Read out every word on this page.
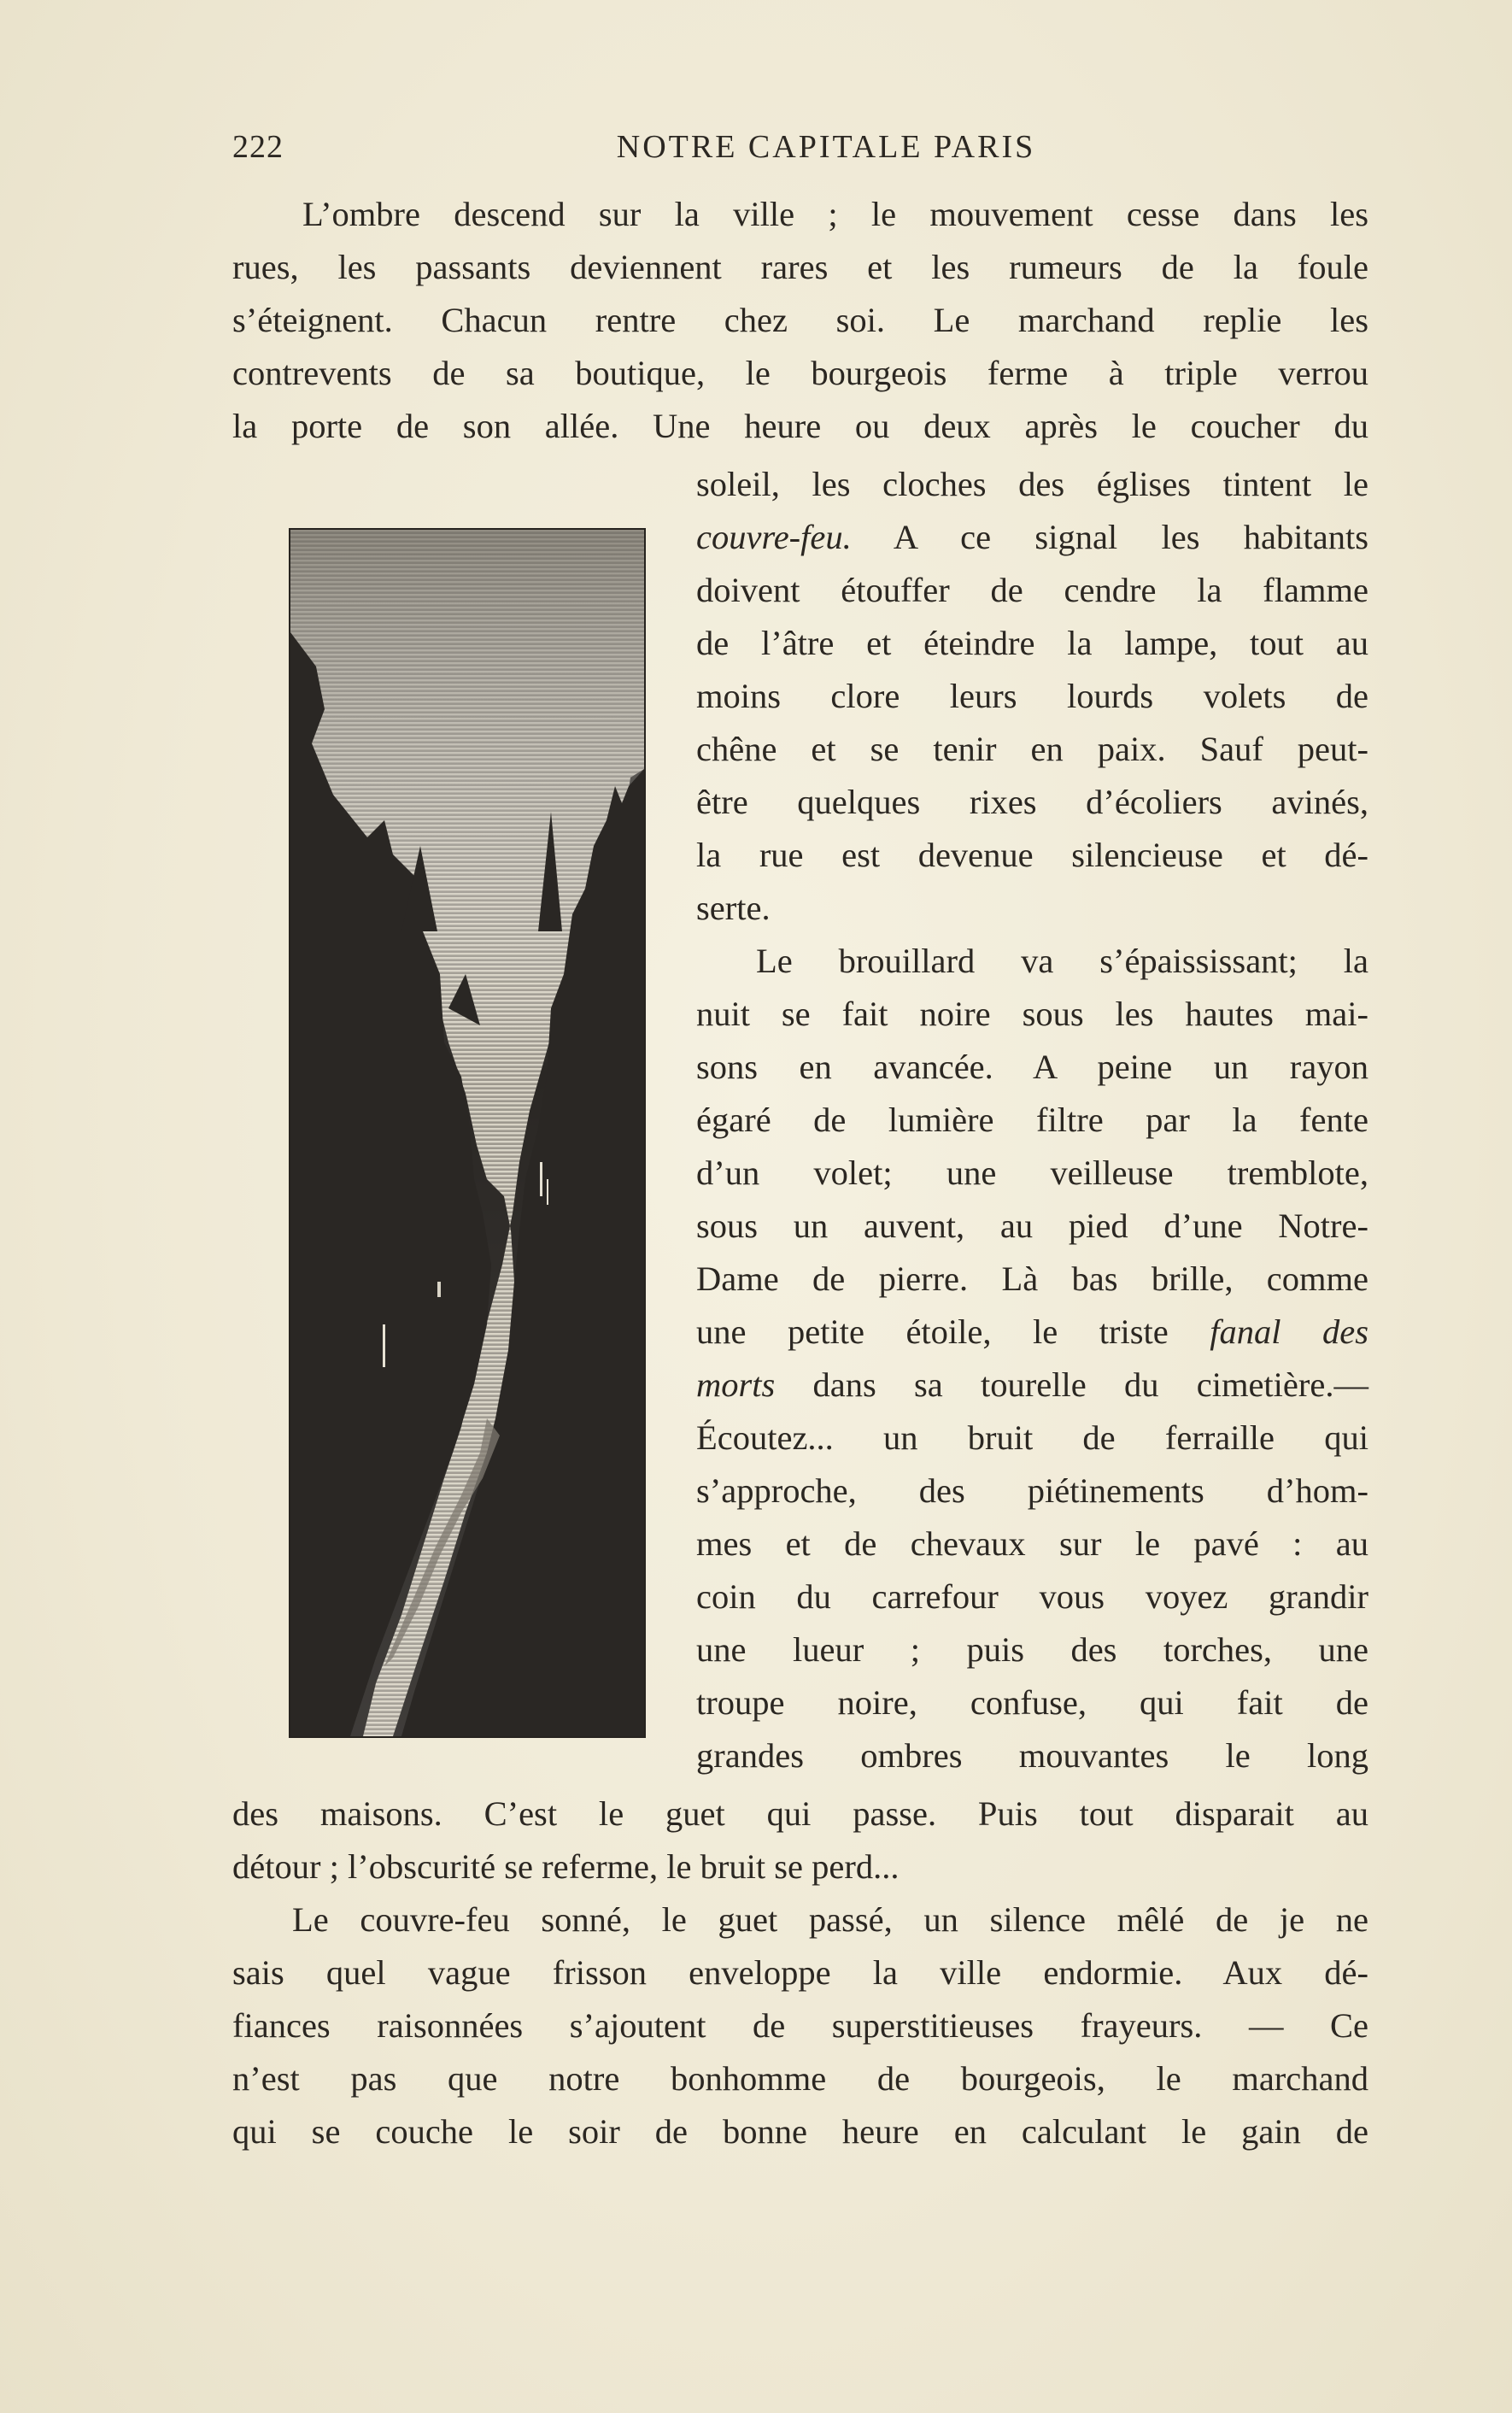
222	NOTRE CAPITALE PARIS
L’ombre descend sur la ville ; le mouvement cesse dans les
rues, les passants deviennent rares et les rumeurs de la foule
s’éteignent. Chacun rentre chez soi. Le marchand replie les
contrevents de sa boutique, le bourgeois ferme à triple verrou
la porte de son allée. Une heure ou deux après le coucher du
soleil, les cloches des églises tintent le
couvre-feu. A ce signal les habitants
doivent étouffer de cendre la flamme
de l’âtre et éteindre la lampe, tout au
moins clore leurs lourds volets de
chêne et se tenir en paix. Sauf peut-
être quelques rixes d’écoliers avinés,
la rue est devenue silencieuse et dé-
serte.
Le brouillard va s’épaississant; la
nuit se fait noire sous les hautes mai-
sons en avancée. A peine un rayon
égaré de lumière filtre par la fente
d’un volet; une veilleuse tremblote,
sous un auvent, au pied d’une Notre-
Dame de pierre. Là bas brille, comme
une petite étoile, le triste fanal des
morts dans sa tourelle du cimetière.—
Écoutez... un bruit de ferraille qui
s’approche, des piétinements d’hom-
mes et de chevaux sur le pavé : au
coin du carrefour vous voyez grandir
une lueur ; puis des torches, une
troupe noire, confuse, qui fait de
grandes ombres mouvantes le long
des maisons. C’est le guet qui passe. Puis tout disparait au
détour ; l’obscurité se referme, le bruit se perd...
Le couvre-feu sonné, le guet passé, un silence mêlé de je ne
sais quel vague frisson enveloppe la ville endormie. Aux dé-
fiances raisonnées s’ajoutent de superstitieuses frayeurs. — Ce
n’est pas que notre bonhomme de bourgeois, le marchand
qui se couche le soir de bonne heure en calculant le gain de
